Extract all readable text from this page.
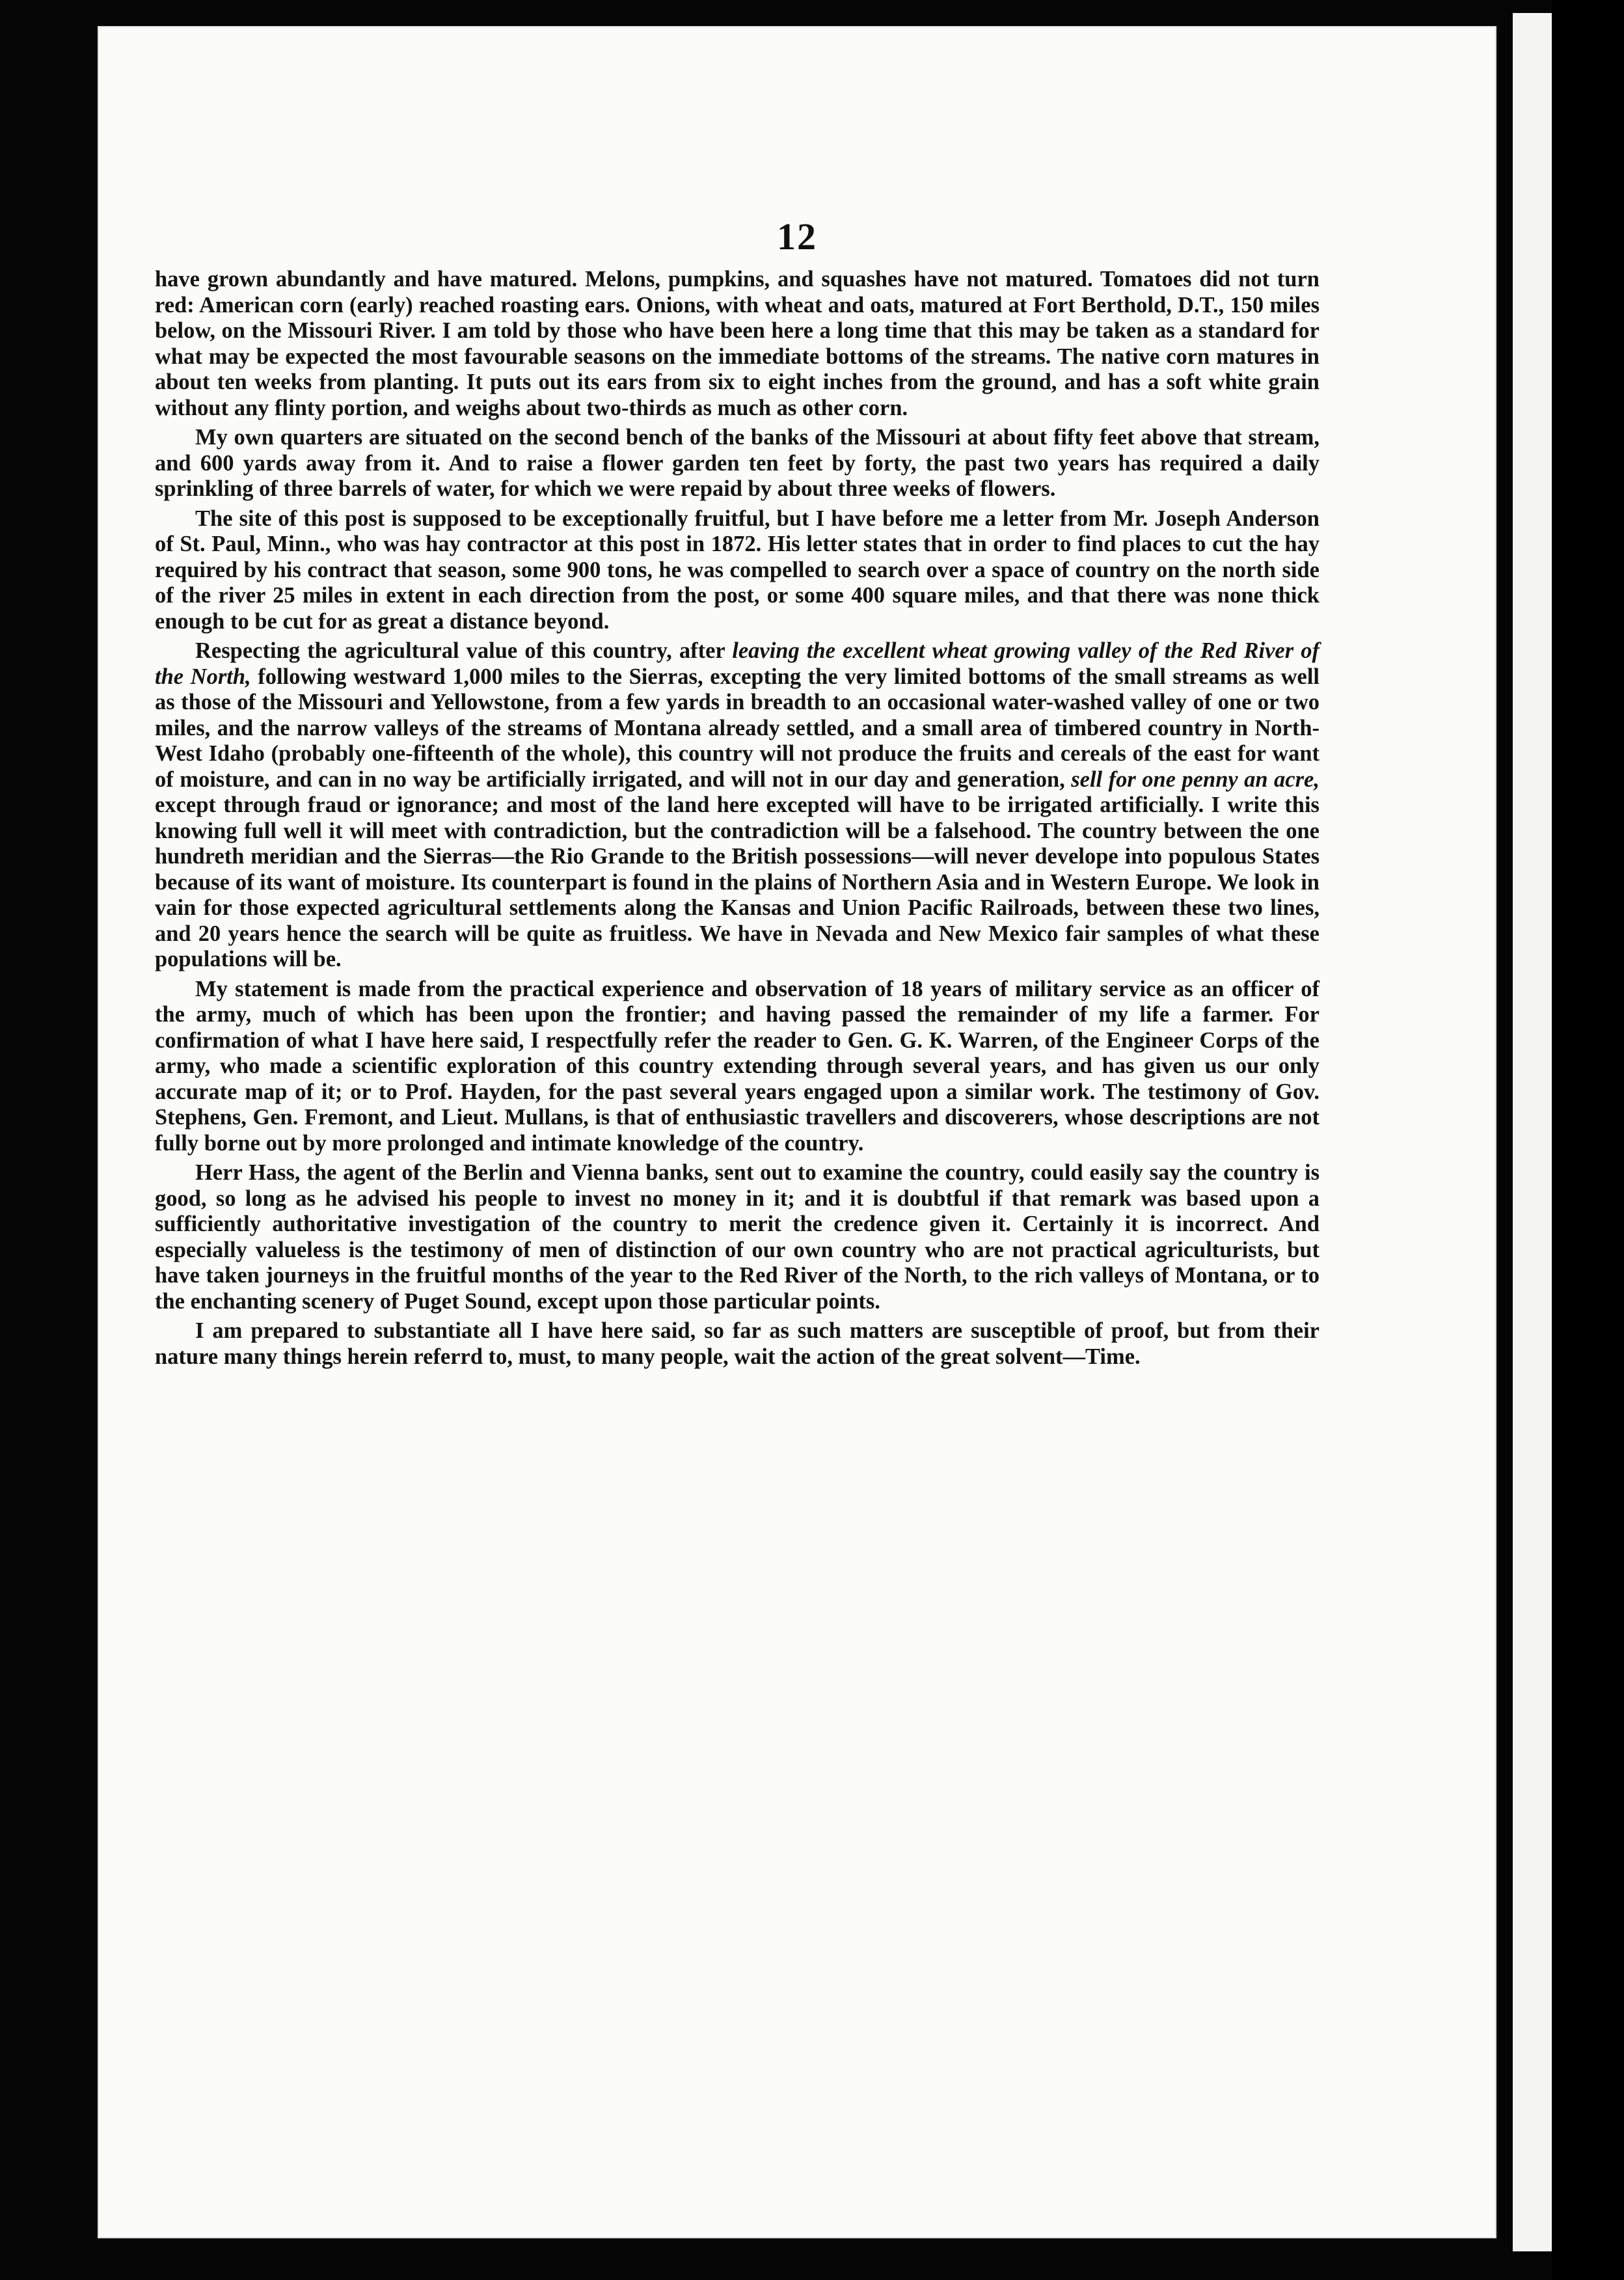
12

have grown abundantly and have matured. Melons, pumpkins, and squashes have not matured. Tomatoes did not turn red: American corn (early) reached roasting ears. Onions, with wheat and oats, matured at Fort Berthold, D.T., 150 miles below, on the Missouri River. I am told by those who have been here a long time that this may be taken as a standard for what may be expected the most favourable seasons on the immediate bottoms of the streams. The native corn matures in about ten weeks from planting. It puts out its ears from six to eight inches from the ground, and has a soft white grain without any flinty portion, and weighs about two-thirds as much as other corn.

My own quarters are situated on the second bench of the banks of the Missouri at about fifty feet above that stream, and 600 yards away from it. And to raise a flower garden ten feet by forty, the past two years has required a daily sprinkling of three barrels of water, for which we were repaid by about three weeks of flowers.

The site of this post is supposed to be exceptionally fruitful, but I have before me a letter from Mr. Joseph Anderson of St. Paul, Minn., who was hay contractor at this post in 1872. His letter states that in order to find places to cut the hay required by his contract that season, some 900 tons, he was compelled to search over a space of country on the north side of the river 25 miles in extent in each direction from the post, or some 400 square miles, and that there was none thick enough to be cut for as great a distance beyond.

Respecting the agricultural value of this country, after leaving the excellent wheat growing valley of the Red River of the North, following westward 1,000 miles to the Sierras, excepting the very limited bottoms of the small streams as well as those of the Missouri and Yellowstone, from a few yards in breadth to an occasional water-washed valley of one or two miles, and the narrow valleys of the streams of Montana already settled, and a small area of timbered country in North-West Idaho (probably one-fifteenth of the whole), this country will not produce the fruits and cereals of the east for want of moisture, and can in no way be artificially irrigated, and will not in our day and generation, sell for one penny an acre, except through fraud or ignorance; and most of the land here excepted will have to be irrigated artificially. I write this knowing full well it will meet with contradiction, but the contradiction will be a falsehood. The country between the one hundreth meridian and the Sierras—the Rio Grande to the British possessions—will never develope into populous States because of its want of moisture. Its counterpart is found in the plains of Northern Asia and in Western Europe. We look in vain for those expected agricultural settlements along the Kansas and Union Pacific Railroads, between these two lines, and 20 years hence the search will be quite as fruitless. We have in Nevada and New Mexico fair samples of what these populations will be.

My statement is made from the practical experience and observation of 18 years of military service as an officer of the army, much of which has been upon the frontier; and having passed the remainder of my life a farmer. For confirmation of what I have here said, I respectfully refer the reader to Gen. G. K. Warren, of the Engineer Corps of the army, who made a scientific exploration of this country extending through several years, and has given us our only accurate map of it; or to Prof. Hayden, for the past several years engaged upon a similar work. The testimony of Gov. Stephens, Gen. Fremont, and Lieut. Mullans, is that of enthusiastic travellers and discoverers, whose descriptions are not fully borne out by more prolonged and intimate knowledge of the country.

Herr Hass, the agent of the Berlin and Vienna banks, sent out to examine the country, could easily say the country is good, so long as he advised his people to invest no money in it; and it is doubtful if that remark was based upon a sufficiently authoritative investigation of the country to merit the credence given it. Certainly it is incorrect. And especially valueless is the testimony of men of distinction of our own country who are not practical agriculturists, but have taken journeys in the fruitful months of the year to the Red River of the North, to the rich valleys of Montana, or to the enchanting scenery of Puget Sound, except upon those particular points.

I am prepared to substantiate all I have here said, so far as such matters are susceptible of proof, but from their nature many things herein referrd to, must, to many people, wait the action of the great solvent—Time.
